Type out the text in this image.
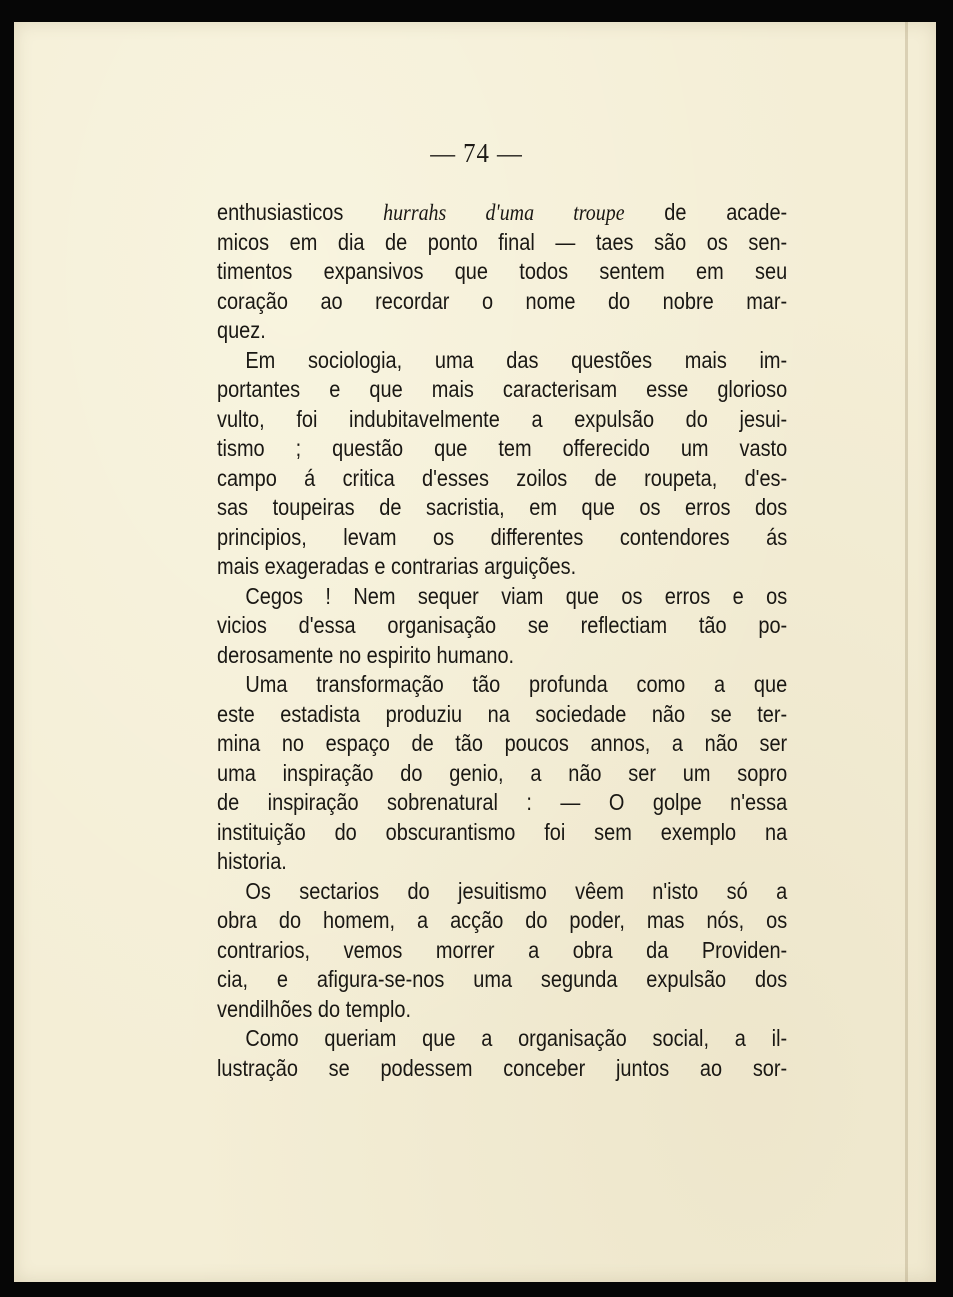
— 74 —
enthusiasticos hurrahs d'uma troupe de acade-
micos em dia de ponto final — taes são os sen-
timentos expansivos que todos sentem em seu
coração ao recordar o nome do nobre mar-
quez.
Em sociologia, uma das questões mais im-
portantes e que mais caracterisam esse glorioso
vulto, foi indubitavelmente a expulsão do jesui-
tismo ; questão que tem offerecido um vasto
campo á critica d'esses zoilos de roupeta, d'es-
sas toupeiras de sacristia, em que os erros dos
principios, levam os differentes contendores ás
mais exageradas e contrarias arguições.
Cegos ! Nem sequer viam que os erros e os
vicios d'essa organisação se reflectiam tão po-
derosamente no espirito humano.
Uma transformação tão profunda como a que
este estadista produziu na sociedade não se ter-
mina no espaço de tão poucos annos, a não ser
uma inspiração do genio, a não ser um sopro
de inspiração sobrenatural : — O golpe n'essa
instituição do obscurantismo foi sem exemplo na
historia.
Os sectarios do jesuitismo vêem n'isto só a
obra do homem, a acção do poder, mas nós, os
contrarios, vemos morrer a obra da Providen-
cia, e afigura-se-nos uma segunda expulsão dos
vendilhões do templo.
Como queriam que a organisação social, a il-
lustração se podessem conceber juntos ao sor-
